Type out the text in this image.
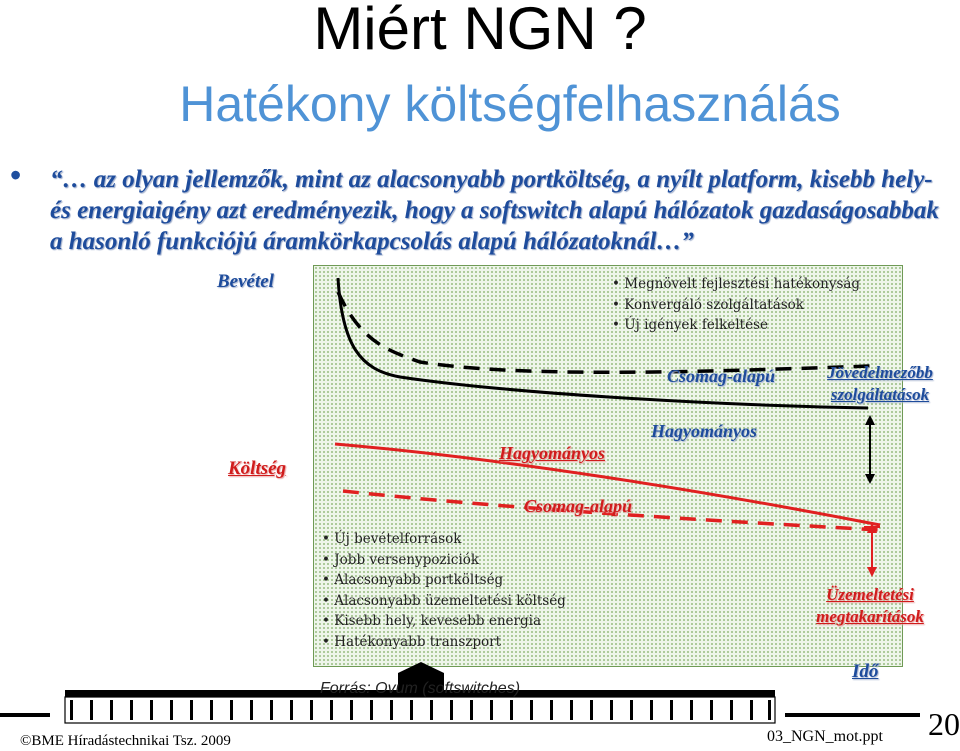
Miért NGN ?
Hatékony költségfelhasználás
• “… az olyan jellemzők, mint az alacsonyabb portköltség, a nyílt platform, kisebb hely- és energiaigény azt eredményezik, hogy a softswitch alapú hálózatok gazdaságosabbak a hasonló funkciójú áramkörkapcsolás alapú hálózatoknál…”
• Megnövelt fejlesztési hatékonyság
• Konvergáló szolgáltatások
• Új igények felkeltése
• Új bevételforrások
• Jobb versenypoziciók
• Alacsonyabb portköltség
• Alacsonyabb üzemeltetési költség
• Kisebb hely, kevesebb energia
• Hatékonyabb transzport
Bevétel
Költség
Idő
Csomag-alapú
Hagyományos
Hagyományos
Csomag-alapú
Jövedelmezőbb szolgáltatások
Üzemeltetési megtakarítások
Forrás: Ovum (softswitches)
©BME Híradástechnikai Tsz. 2009	03_NGN_mot.ppt 20
